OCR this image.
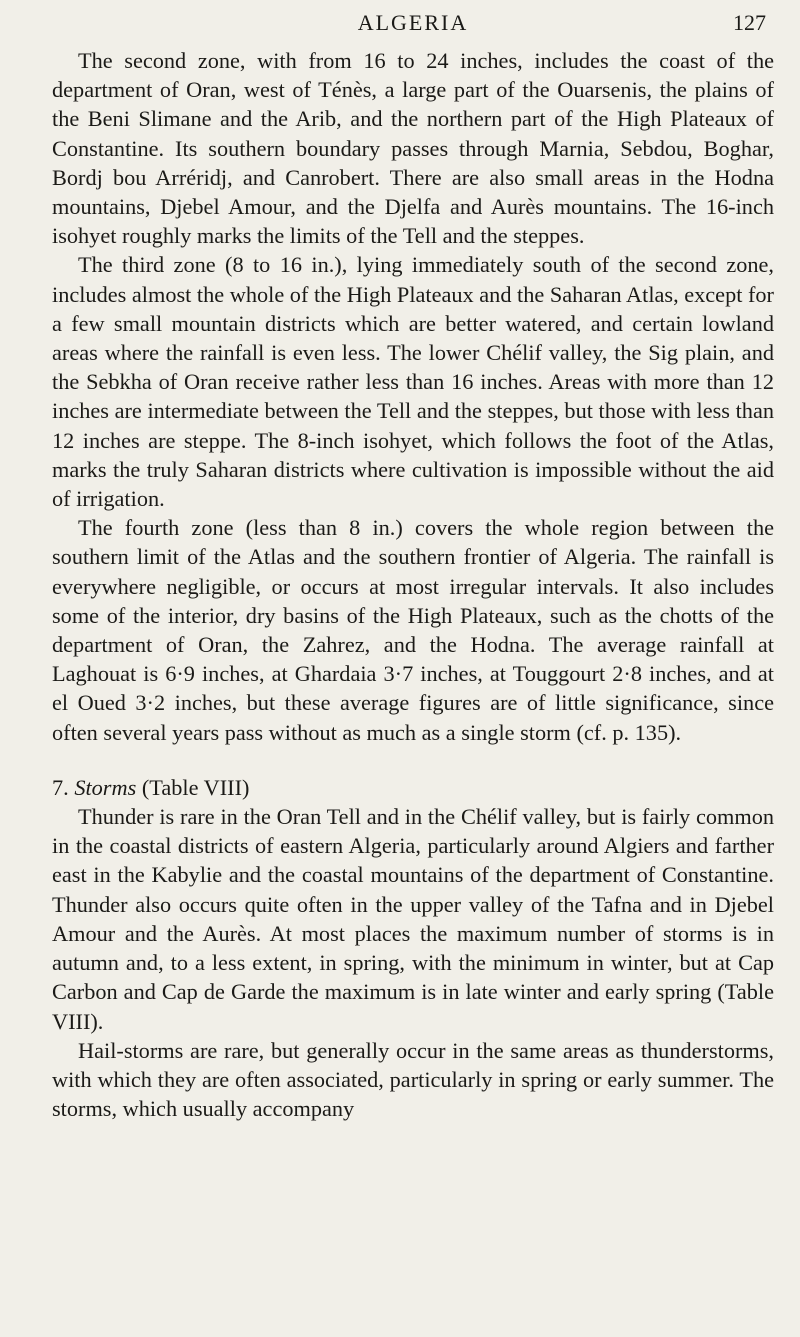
ALGERIA	127

The second zone, with from 16 to 24 inches, includes the coast of the department of Oran, west of Ténès, a large part of the Ouarsenis, the plains of the Beni Slimane and the Arib, and the northern part of the High Plateaux of Constantine. Its southern boundary passes through Marnia, Sebdou, Boghar, Bordj bou Arréridj, and Canrobert. There are also small areas in the Hodna mountains, Djebel Amour, and the Djelfa and Aurès mountains. The 16-inch isohyet roughly marks the limits of the Tell and the steppes.

The third zone (8 to 16 in.), lying immediately south of the second zone, includes almost the whole of the High Plateaux and the Saharan Atlas, except for a few small mountain districts which are better watered, and certain lowland areas where the rainfall is even less. The lower Chélif valley, the Sig plain, and the Sebkha of Oran receive rather less than 16 inches. Areas with more than 12 inches are intermediate between the Tell and the steppes, but those with less than 12 inches are steppe. The 8-inch isohyet, which follows the foot of the Atlas, marks the truly Saharan districts where cultivation is impossible without the aid of irrigation.

The fourth zone (less than 8 in.) covers the whole region between the southern limit of the Atlas and the southern frontier of Algeria. The rainfall is everywhere negligible, or occurs at most irregular intervals. It also includes some of the interior, dry basins of the High Plateaux, such as the chotts of the department of Oran, the Zahrez, and the Hodna. The average rainfall at Laghouat is 6·9 inches, at Ghardaia 3·7 inches, at Touggourt 2·8 inches, and at el Oued 3·2 inches, but these average figures are of little significance, since often several years pass without as much as a single storm (cf. p. 135).

7. Storms (Table VIII)

Thunder is rare in the Oran Tell and in the Chélif valley, but is fairly common in the coastal districts of eastern Algeria, particularly around Algiers and farther east in the Kabylie and the coastal mountains of the department of Constantine. Thunder also occurs quite often in the upper valley of the Tafna and in Djebel Amour and the Aurès. At most places the maximum number of storms is in autumn and, to a less extent, in spring, with the minimum in winter, but at Cap Carbon and Cap de Garde the maximum is in late winter and early spring (Table VIII).

Hail-storms are rare, but generally occur in the same areas as thunderstorms, with which they are often associated, particularly in spring or early summer. The storms, which usually accompany
